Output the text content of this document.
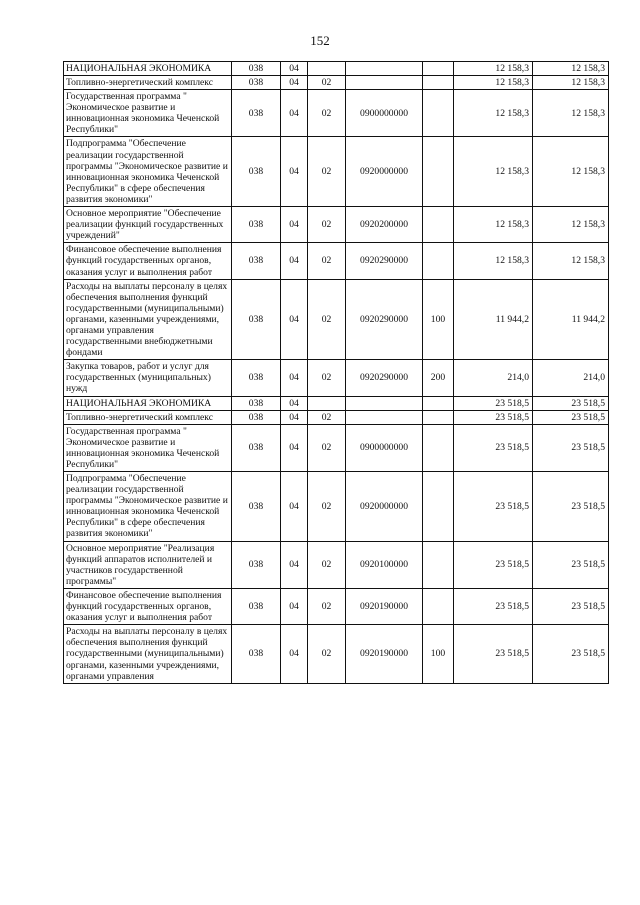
152
НАЦИОНАЛЬНАЯ ЭКОНОМИКА	038	04				12 158,3	12 158,3
Топливно-энергетический комплекс	038	04	02			12 158,3	12 158,3
Государственная программа " Экономическое развитие и инновационная экономика Чеченской Республики"	038	04	02	0900000000		12 158,3	12 158,3
Подпрограмма "Обеспечение реализации государственной программы "Экономическое развитие и инновационная экономика Чеченской Республики" в сфере обеспечения развития экономики"	038	04	02	0920000000		12 158,3	12 158,3
Основное мероприятие "Обеспечение реализации функций государственных учреждений"	038	04	02	0920200000		12 158,3	12 158,3
Финансовое обеспечение выполнения функций государственных органов, оказания услуг и выполнения работ	038	04	02	0920290000		12 158,3	12 158,3
Расходы на выплаты персоналу в целях обеспечения выполнения функций государственными (муниципальными) органами, казенными учреждениями, органами управления государственными внебюджетными фондами	038	04	02	0920290000	100	11 944,2	11 944,2
Закупка товаров, работ и услуг для государственных (муниципальных) нужд	038	04	02	0920290000	200	214,0	214,0
НАЦИОНАЛЬНАЯ ЭКОНОМИКА	038	04				23 518,5	23 518,5
Топливно-энергетический комплекс	038	04	02			23 518,5	23 518,5
Государственная программа " Экономическое развитие и инновационная экономика Чеченской Республики"	038	04	02	0900000000		23 518,5	23 518,5
Подпрограмма "Обеспечение реализации государственной программы "Экономическое развитие и инновационная экономика Чеченской Республики" в сфере обеспечения развития экономики"	038	04	02	0920000000		23 518,5	23 518,5
Основное мероприятие "Реализация функций аппаратов исполнителей и участников государственной программы"	038	04	02	0920100000		23 518,5	23 518,5
Финансовое обеспечение выполнения функций государственных органов, оказания услуг и выполнения работ	038	04	02	0920190000		23 518,5	23 518,5
Расходы на выплаты персоналу в целях обеспечения выполнения функций государственными (муниципальными) органами, казенными учреждениями, органами управления	038	04	02	0920190000	100	23 518,5	23 518,5
